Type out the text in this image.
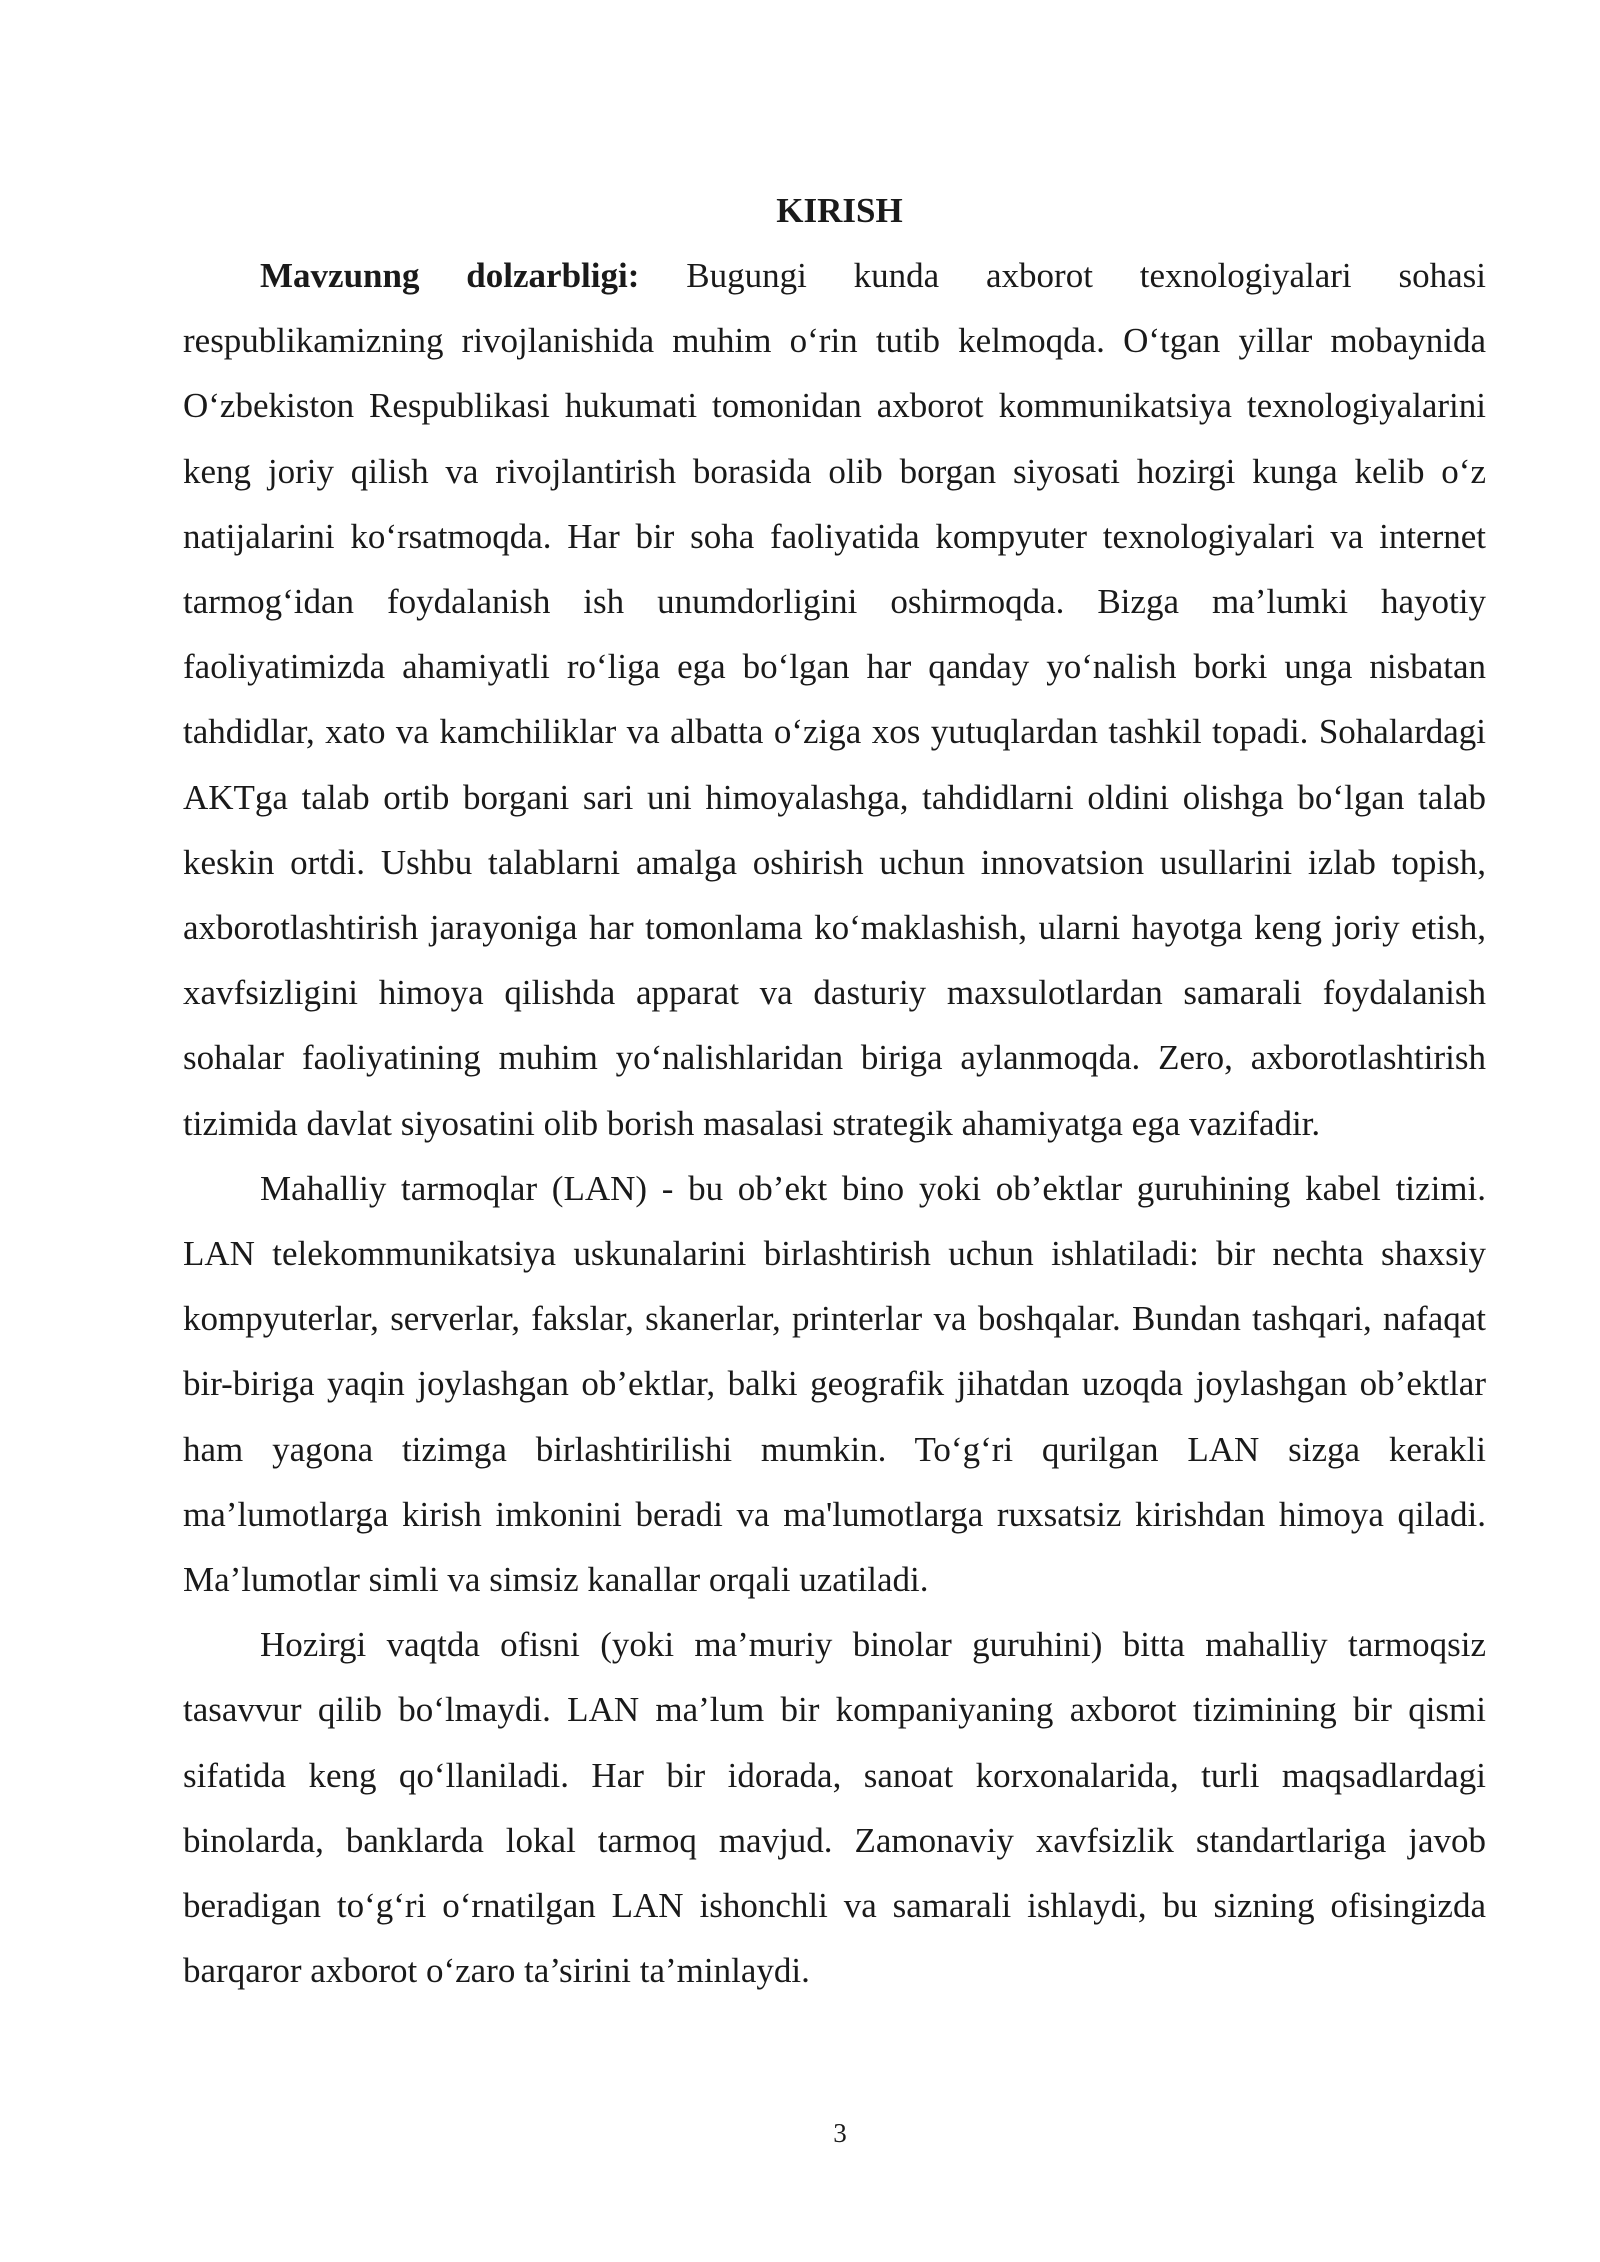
KIRISH

Mavzunng dolzarbligi: Bugungi kunda axborot texnologiyalari sohasi respublikamizning rivojlanishida muhim o‘rin tutib kelmoqda. O‘tgan yillar mobaynida O‘zbekiston Respublikasi hukumati tomonidan axborot kommunikatsiya texnologiyalarini keng joriy qilish va rivojlantirish borasida olib borgan siyosati hozirgi kunga kelib o‘z natijalarini ko‘rsatmoqda. Har bir soha faoliyatida kompyuter texnologiyalari va internet tarmog‘idan foydalanish ish unumdorligini oshirmoqda. Bizga ma’lumki hayotiy faoliyatimizda ahamiyatli ro‘liga ega bo‘lgan har qanday yo‘nalish borki unga nisbatan tahdidlar, xato va kamchiliklar va albatta o‘ziga xos yutuqlardan tashkil topadi. Sohalardagi AKTga talab ortib borgani sari uni himoyalashga, tahdidlarni oldini olishga bo‘lgan talab keskin ortdi. Ushbu talablarni amalga oshirish uchun innovatsion usullarini izlab topish, axborotlashtirish jarayoniga har tomonlama ko‘maklashish, ularni hayotga keng joriy etish, xavfsizligini himoya qilishda apparat va dasturiy maxsulotlardan samarali foydalanish sohalar faoliyatining muhim yo‘nalishlaridan biriga aylanmoqda. Zero, axborotlashtirish tizimida davlat siyosatini olib borish masalasi strategik ahamiyatga ega vazifadir.

Mahalliy tarmoqlar (LAN) - bu ob’ekt bino yoki ob’ektlar guruhining kabel tizimi. LAN telekommunikatsiya uskunalarini birlashtirish uchun ishlatiladi: bir nechta shaxsiy kompyuterlar, serverlar, fakslar, skanerlar, printerlar va boshqalar. Bundan tashqari, nafaqat bir-biriga yaqin joylashgan ob’ektlar, balki geografik jihatdan uzoqda joylashgan ob’ektlar ham yagona tizimga birlashtirilishi mumkin. To‘g‘ri qurilgan LAN sizga kerakli ma’lumotlarga kirish imkonini beradi va ma'lumotlarga ruxsatsiz kirishdan himoya qiladi. Ma’lumotlar simli va simsiz kanallar orqali uzatiladi.

Hozirgi vaqtda ofisni (yoki ma’muriy binolar guruhini) bitta mahalliy tarmoqsiz tasavvur qilib bo‘lmaydi. LAN ma’lum bir kompaniyaning axborot tizimining bir qismi sifatida keng qo‘llaniladi. Har bir idorada, sanoat korxonalarida, turli maqsadlardagi binolarda, banklarda lokal tarmoq mavjud. Zamonaviy xavfsizlik standartlariga javob beradigan to‘g‘ri o‘rnatilgan LAN ishonchli va samarali ishlaydi, bu sizning ofisingizda barqaror axborot o‘zaro ta’sirini ta’minlaydi.

3
